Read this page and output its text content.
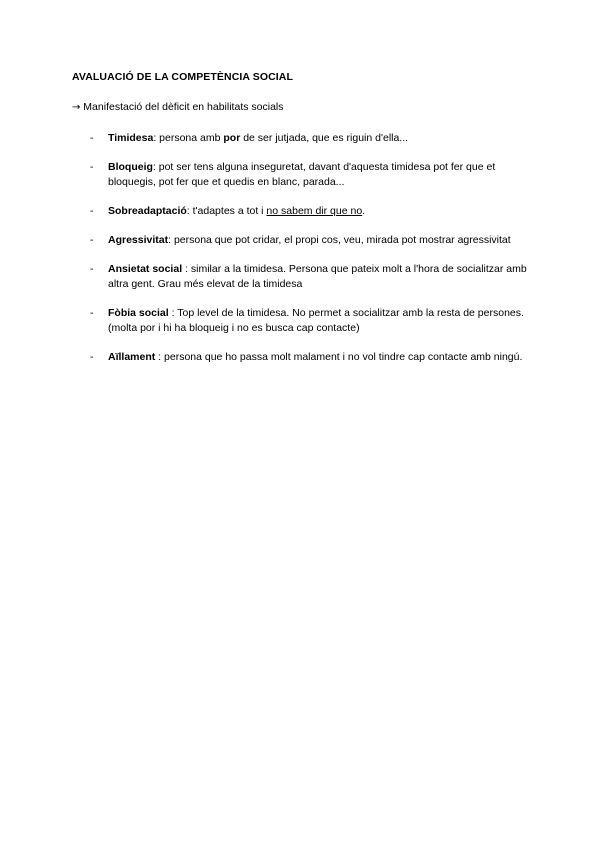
AVALUACIÓ DE LA COMPETÈNCIA SOCIAL
→ Manifestació del dèficit en habilitats socials
- Timidesa: persona amb por de ser jutjada, que es riguin d'ella...
- Bloqueig: pot ser tens alguna inseguretat, davant d'aquesta timidesa pot fer que et bloquegis, pot fer que et quedis en blanc, parada...
- Sobreadaptació: t'adaptes a tot i no sabem dir que no.
- Agressivitat: persona que pot cridar, el propi cos, veu, mirada pot mostrar agressivitat
- Ansietat social : similar a la timidesa. Persona que pateix molt a l'hora de socialitzar amb altra gent. Grau més elevat de la timidesa
- Fòbia social : Top level de la timidesa. No permet a socialitzar amb la resta de persones. (molta por i hi ha bloqueig i no es busca cap contacte)
- Aïllament : persona que ho passa molt malament i no vol tindre cap contacte amb ningú.
